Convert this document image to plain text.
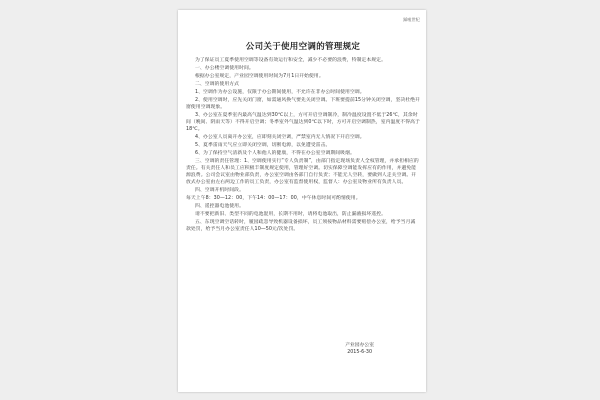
踩啦世纪
公司关于使用空调的管理规定
为了保证员工夏季使用空调等设备有效运行和安全，减少不必要的浪费，特制定本规定。
一、办公楼空调使用时间。
根据办公室规定，产业园空调使用时间为7月1日开始使用。
二、空调的使用方式
1、空调作为办公设施，仅限于办公期间使用，不允许在非办公时间使用空调。
2、使用空调时，应先关闭门窗，如需通风换气要先关闭空调。下班要提前15分钟关闭空调，坚决杜绝开窗使用空调现象。
3、办公室在夏季室内最高气温达到30℃以上，方可开启空调制冷，制冷温度设置不低于26℃，其余时间（晚间、阴雨天等）不得开启空调；冬季室外气温达到0℃以下时，方可开启空调制热，室内温度不得高于18℃。
4、办公室人员离开办公室，应即刻关闭空调，严禁室内无人情况下开启空调。
5、夏季雷雨天气应立即关闭空调，切断电源，以免遭受雷击。
6、为了保持空气清新及个人和他人的健康，不得在办公室空调期间吸烟。
三、空调的责任管理：1、空调使用实行“专人负责制”，由部门指定现场负责人全权管理，并承担相应的责任。有关责任人和员工应积极丰制度规定使用，管理好空调。切实保障空调能发挥应有的作用，并避免能源浪费。公司会议室由物业部负责，办公室空调由各部门自行负责；不能无人空转，要做到人走关空调。开放式办公室由左右两边工作的员工负责，办公室有监督使用权，监督人：办公室及物业所有负责人员。
四、空调开机时间段。
每天上午8：30—12：00，下午14：00—17：00，中午休息时间可酌情使用。
四、遥控器电池使用。
请不要把新旧、类型不同的电池混用，长期不用时，请将电池取出，防止漏液损坏遥控。
五、东现空调空话转时，履园疏忽导致机器设备损坏，员工须按物品材料需要赔偿办公室，给予当月减款处罚，给予当月办公室责任人10—50元/次处罚。
产业园办公室
2015-6-30
